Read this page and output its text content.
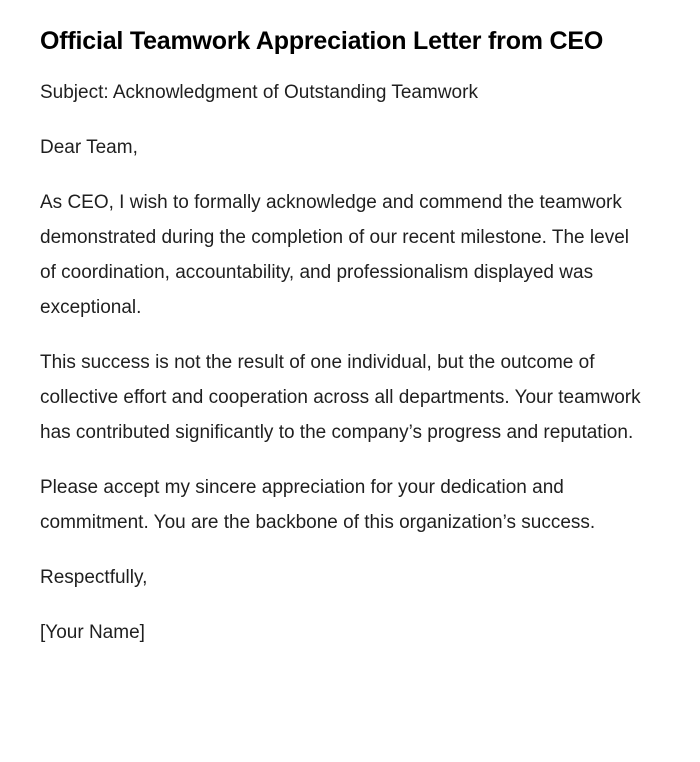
Official Teamwork Appreciation Letter from CEO

Subject: Acknowledgment of Outstanding Teamwork

Dear Team,

As CEO, I wish to formally acknowledge and commend the teamwork demonstrated during the completion of our recent milestone. The level of coordination, accountability, and professionalism displayed was exceptional.

This success is not the result of one individual, but the outcome of collective effort and cooperation across all departments. Your teamwork has contributed significantly to the company’s progress and reputation.

Please accept my sincere appreciation for your dedication and commitment. You are the backbone of this organization’s success.

Respectfully,

[Your Name]
